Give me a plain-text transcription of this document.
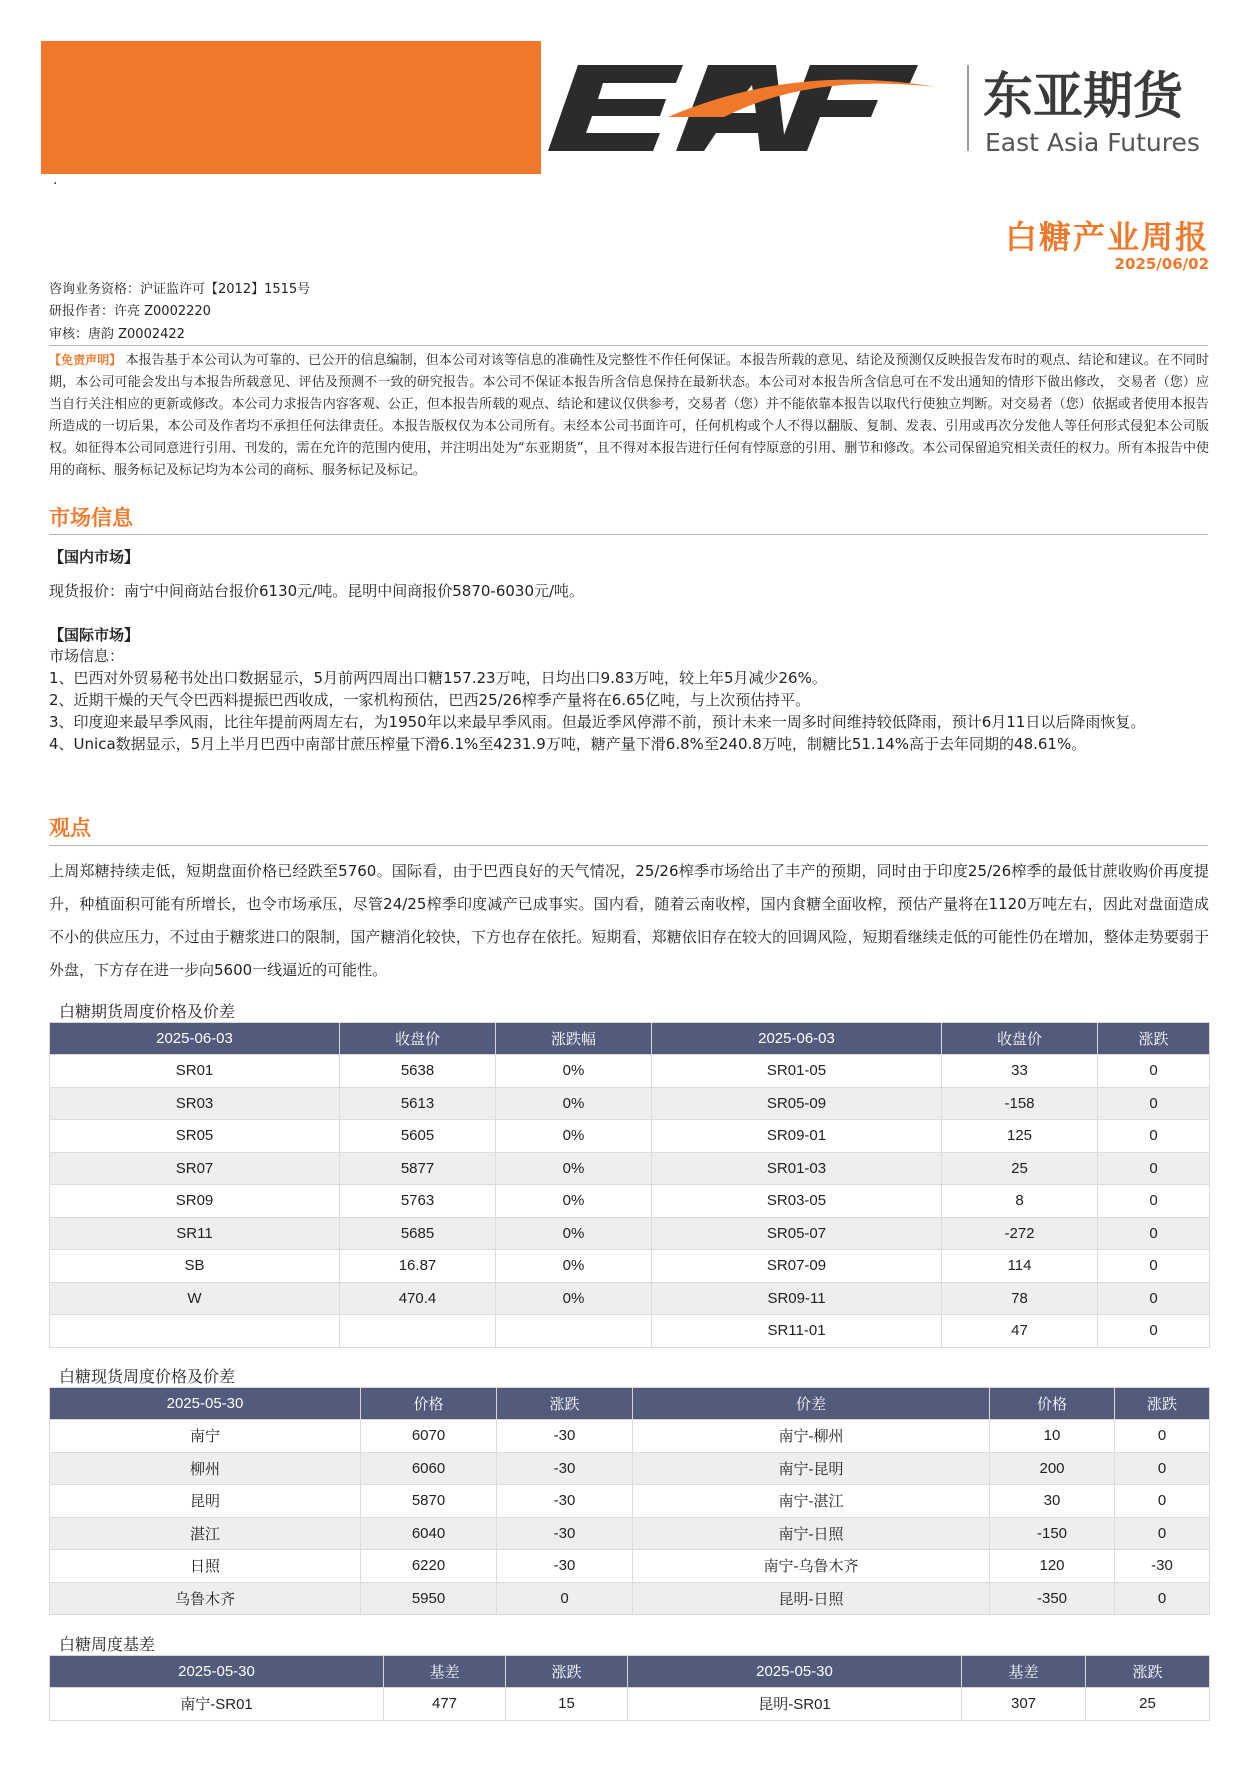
·
东亚期货
East Asia Futures
白糖产业周报
2025/06/02
咨询业务资格：沪证监许可【2012】1515号
研报作者：许亮 Z0002220
审核：唐韵 Z0002422
【免责声明】 本报告基于本公司认为可靠的、已公开的信息编制，但本公司对该等信息的准确性及完整性不作任何保证。本报告所载的意见、结论及预测仅反映报告发布时的观点、结论和建议。在不同时期，本公司可能会发出与本报告所载意见、评估及预测不一致的研究报告。本公司不保证本报告所含信息保持在最新状态。本公司对本报告所含信息可在不发出通知的情形下做出修改， 交易者（您）应当自行关注相应的更新或修改。本公司力求报告内容客观、公正，但本报告所载的观点、结论和建议仅供参考，交易者（您）并不能依靠本报告以取代行使独立判断。对交易者（您）依据或者使用本报告所造成的一切后果，本公司及作者均不承担任何法律责任。本报告版权仅为本公司所有。未经本公司书面许可，任何机构或个人不得以翻版、复制、发表、引用或再次分发他人等任何形式侵犯本公司版权。如征得本公司同意进行引用、刊发的，需在允许的范围内使用，并注明出处为“东亚期货”，且不得对本报告进行任何有悖原意的引用、删节和修改。本公司保留追究相关责任的权力。所有本报告中使用的商标、服务标记及标记均为本公司的商标、服务标记及标记。
市场信息
【国内市场】
现货报价：南宁中间商站台报价6130元/吨。昆明中间商报价5870-6030元/吨。
【国际市场】
市场信息：
1、巴西对外贸易秘书处出口数据显示，5月前两四周出口糖157.23万吨，日均出口9.83万吨，较上年5月减少26%。
2、近期干燥的天气令巴西料提振巴西收成，一家机构预估，巴西25/26榨季产量将在6.65亿吨，与上次预估持平。
3、印度迎来最早季风雨，比往年提前两周左右，为1950年以来最早季风雨。但最近季风停滞不前，预计未来一周多时间维持较低降雨，预计6月11日以后降雨恢复。
4、Unica数据显示，5月上半月巴西中南部甘蔗压榨量下滑6.1%至4231.9万吨，糖产量下滑6.8%至240.8万吨，制糖比51.14%高于去年同期的48.61%。
观点
上周郑糖持续走低，短期盘面价格已经跌至5760。国际看，由于巴西良好的天气情况，25/26榨季市场给出了丰产的预期，同时由于印度25/26榨季的最低甘蔗收购价再度提升，种植面积可能有所增长，也令市场承压，尽管24/25榨季印度减产已成事实。国内看，随着云南收榨，国内食糖全面收榨，预估产量将在1120万吨左右，因此对盘面造成不小的供应压力，不过由于糖浆进口的限制，国产糖消化较快，下方也存在依托。短期看，郑糖依旧存在较大的回调风险，短期看继续走低的可能性仍在增加，整体走势要弱于外盘，下方存在进一步向5600一线逼近的可能性。
白糖期货周度价格及价差
2025-06-03	收盘价	涨跌幅	2025-06-03	收盘价	涨跌
SR01	5638	0%	SR01-05	33	0
SR03	5613	0%	SR05-09	-158	0
SR05	5605	0%	SR09-01	125	0
SR07	5877	0%	SR01-03	25	0
SR09	5763	0%	SR03-05	8	0
SR11	5685	0%	SR05-07	-272	0
SB	16.87	0%	SR07-09	114	0
W	470.4	0%	SR09-11	78	0
			SR11-01	47	0
白糖现货周度价格及价差
2025-05-30	价格	涨跌	价差	价格	涨跌
南宁	6070	-30	南宁-柳州	10	0
柳州	6060	-30	南宁-昆明	200	0
昆明	5870	-30	南宁-湛江	30	0
湛江	6040	-30	南宁-日照	-150	0
日照	6220	-30	南宁-乌鲁木齐	120	-30
乌鲁木齐	5950	0	昆明-日照	-350	0
白糖周度基差
2025-05-30	基差	涨跌	2025-05-30	基差	涨跌
南宁-SR01	477	15	昆明-SR01	307	25
